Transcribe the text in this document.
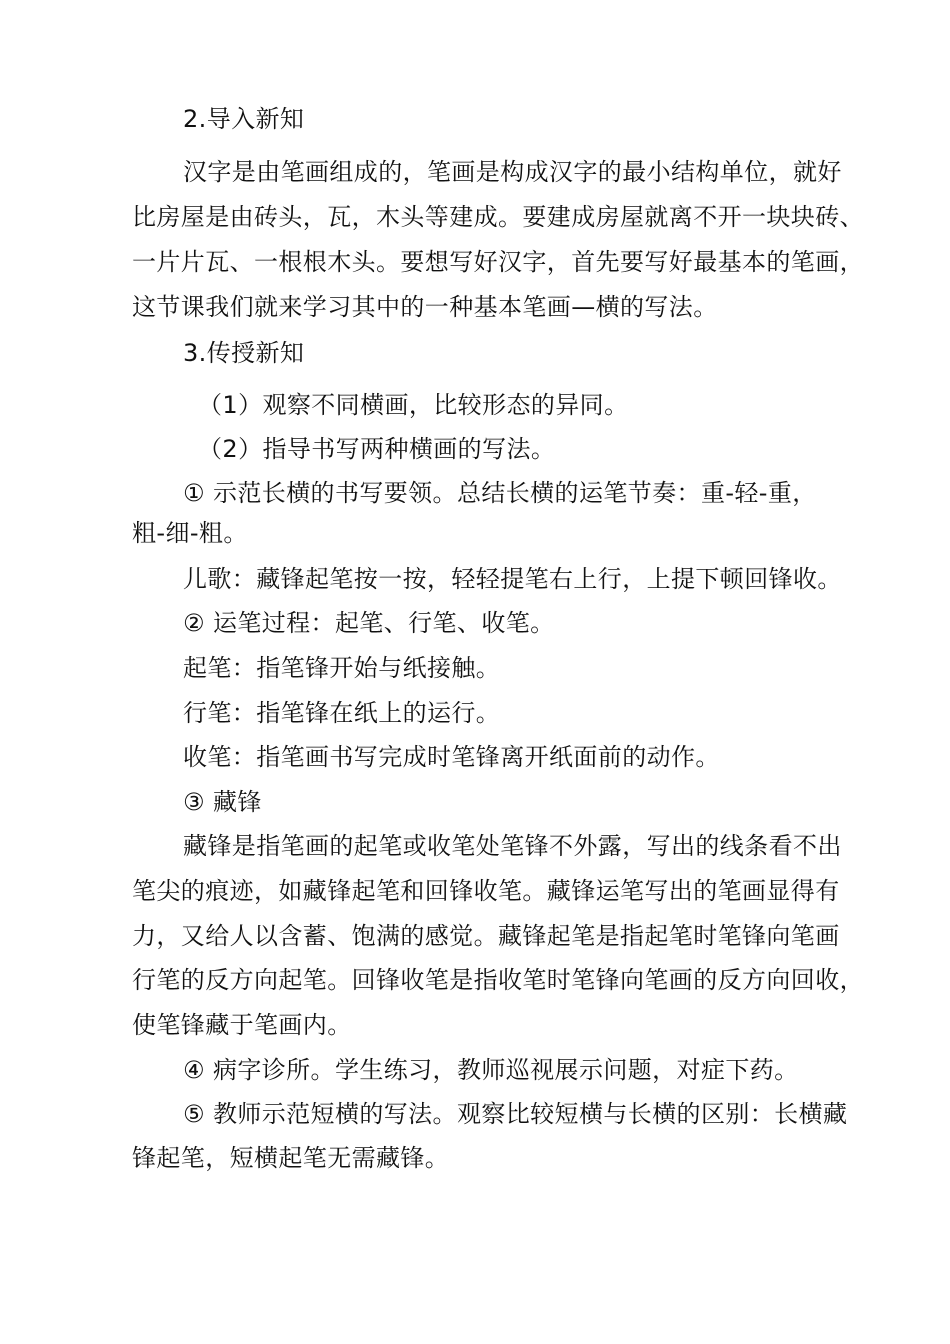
2.导入新知

汉字是由笔画组成的，笔画是构成汉字的最小结构单位，就好

比房屋是由砖头，瓦，木头等建成。要建成房屋就离不开一块块砖、

一片片瓦、一根根木头。要想写好汉字，首先要写好最基本的笔画，

这节课我们就来学习其中的一种基本笔画—横的写法。

3.传授新知

（1）观察不同横画，比较形态的异同。

（2）指导书写两种横画的写法。

① 示范长横的书写要领。总结长横的运笔节奏：重-轻-重，

粗-细-粗。

儿歌：藏锋起笔按一按，轻轻提笔右上行，上提下顿回锋收。

② 运笔过程：起笔、行笔、收笔。

起笔：指笔锋开始与纸接触。

行笔：指笔锋在纸上的运行。

收笔：指笔画书写完成时笔锋离开纸面前的动作。

③ 藏锋

藏锋是指笔画的起笔或收笔处笔锋不外露，写出的线条看不出

笔尖的痕迹，如藏锋起笔和回锋收笔。藏锋运笔写出的笔画显得有

力，又给人以含蓄、饱满的感觉。藏锋起笔是指起笔时笔锋向笔画

行笔的反方向起笔。回锋收笔是指收笔时笔锋向笔画的反方向回收，

使笔锋藏于笔画内。

④ 病字诊所。学生练习，教师巡视展示问题，对症下药。

⑤ 教师示范短横的写法。观察比较短横与长横的区别：长横藏

锋起笔，短横起笔无需藏锋。
